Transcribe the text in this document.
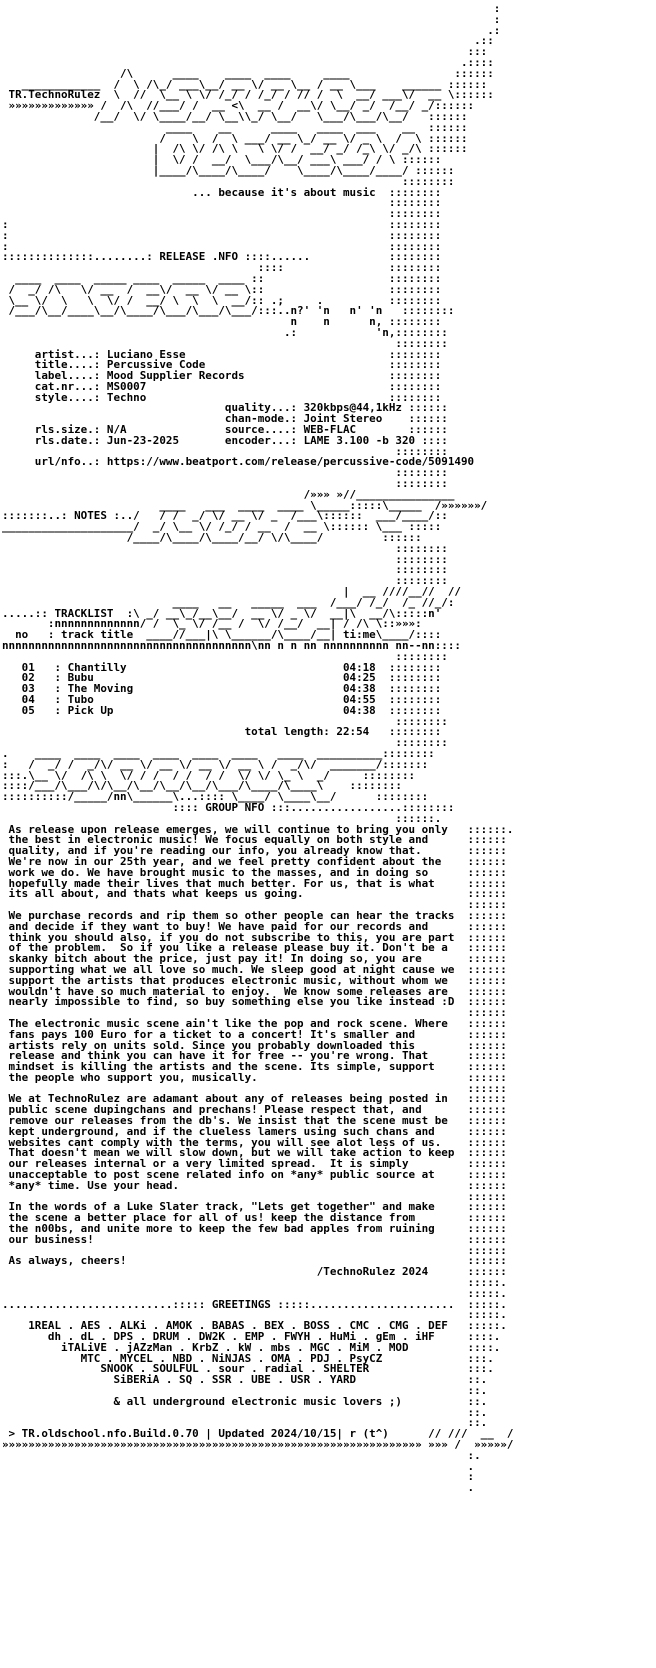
:
:
.:
.::
:::
.::::
/\      ____    ____  ____     ____                ::::::
____________  /  \ /\_/ ___\__/ __ \/ __ \__ / __ \___    ______ ::::::
TR.TechnoRulez  \  //  \__ \ \/ /_/ / /_/ / // /  \  __/ ___\/  __ \::::::
»»»»»»»»»»»»» /  /\  //___/ /  __ <\  __ /  __\/ \__/ _/  /__/ _/::::::
/__/  \/ \____/__/ \__\\_/ \__/   \___/\___/\__/   ::::::
____    __      ____   ____  ___    __  ::::::
/    \  /  \ ___/ __ \_/ __ \/ _ \  /  \ ::::::
|  /\ \/ /\ \   \ \/ /  __/ _/ /_\ \/ _/\ ::::::
|  \/ /  __/  \___/\__/ ___\ ___/ / \ ::::::
|____/\____/\____/    \____/\____/____/ ::::::
::::::::
... because it's about music  ::::::::
::::::::
::::::::
:                                                          ::::::::
:                                                          ::::::::
:                                                          ::::::::
::::::::::::::........: RELEASE .NFO ::::......            ::::::::
::::                ::::::::
____  ____  _____ ____  _____  ____ ::                   ::::::::
/  _/ /\   \/ __  /  __\/  __ \/ __ \::                   ::::::::
\__ \/  \   \  \/ /  __/ \  \  \  __/:: .;     .          ::::::::
/___/\__/____\__/\____/\___/\___/\___/:::..n?' 'n   n' 'n   ::::::::
n    n      n, ::::::::
.:            'n,::::::::
::::::::
artist...: Luciano Esse                               ::::::::
title....: Percussive Code                            ::::::::
label....: Mood Supplier Records                      ::::::::
cat.nr...: MS0007                                     ::::::::
style....: Techno                                     ::::::::
quality...: 320kbps@44,1kHz ::::::
chan-mode.: Joint Stereo    ::::::
rls.size.: N/A               source....: WEB-FLAC        ::::::
rls.date.: Jun-23-2025       encoder...: LAME 3.100 -b 320 ::::
::::::::
url/nfo..: https://www.beatport.com/release/percussive-code/5091490
::::::::
::::::::
/»»» »//_______________
____   ___  ____  ____ \_____:::::\_____  /»»»»»»/
:::::::..: NOTES :../   / /  _/ \/ __ \/ _  /___\::::::  ___/____/::
____________________/  _/ \__ \/ /_/ / __  /  __ \:::::: \___ :::::
/____/\____/\____/__/ \/\____/         ::::::
::::::::
::::::::
::::::::
::::::::
|  __ ////__//  //
____   __   _____  ___  /___/ /_/  /_ //_/:
.....:: TRACKLIST  :\ _/ __\_/__\__/  __ \/ _ \/  __|\  __/\:::::n'
:nnnnnnnnnnnnn/ /  \_ \/ /__ /  \/ /__/  __| / /\ \::»»»:
no   : track title  ____//___|\ \______/\____/__| ti:me\____/::::
nnnnnnnnnnnnnnnnnnnnnnnnnnnnnnnnnnnnnn\nn n n nn nnnnnnnnnn nn--nn::::
::::::::
01   : Chantilly                                 04:18  ::::::::
02   : Bubu                                      04:25  ::::::::
03   : The Moving                                04:38  ::::::::
04   : Tubo                                      04:55  ::::::::
05   : Pick Up                                   04:38  ::::::::
::::::::
total length: 22:54   ::::::::
::::::::
.    ____  ____  ____  ____  ____  ____   ____  __________::::::::
:   /  _/ /  _/\/ __ \/ __ \/ __ \/ __ \ /  _/\/  _______/:::::::
:::.\__ \/  /\ \  \/ / /  / /  / /  \/ \/ \_ \  _/     ::::::::
::::/___/\___/\/\__/\__/\__/\__/\___/\____/\____\    ::::::::
::::::::::/_____/nn\______\...:::: \____/ \____\__/      ::::::::
:::: GROUP NFO :::.................::::::::
::::::.
As release upon release emerges, we will continue to bring you only   ::::::.
the best in electronic music! We focus equally on both style and      ::::::
quality, and if you're reading our info, you already know that.       ::::::
We're now in our 25th year, and we feel pretty confident about the    ::::::
work we do. We have brought music to the masses, and in doing so      ::::::
hopefully made their lives that much better. For us, that is what     ::::::
its all about, and thats what keeps us going.                         ::::::
::::::
We purchase records and rip them so other people can hear the tracks  ::::::
and decide if they want to buy! We have paid for our records and      ::::::
think you should also, if you do not subscribe to this, you are part  ::::::
of the problem.  So if you like a release please buy it. Don't be a   ::::::
skanky bitch about the price, just pay it! In doing so, you are       ::::::
supporting what we all love so much. We sleep good at night cause we  ::::::
support the artists that produces electronic music, without whom we   ::::::
wouldn't have so much material to enjoy.  We know some releases are   ::::::
nearly impossible to find, so buy something else you like instead :D  ::::::
::::::
The electronic music scene ain't like the pop and rock scene. Where   ::::::
fans pays 100 Euro for a ticket to a concert! It's smaller and        ::::::
artists rely on units sold. Since you probably downloaded this        ::::::
release and think you can have it for free -- you're wrong. That      ::::::
mindset is killing the artists and the scene. Its simple, support     ::::::
the people who support you, musically.                                ::::::
::::::
We at TechnoRulez are adamant about any of releases being posted in   ::::::
public scene dupingchans and prechans! Please respect that, and       ::::::
remove our releases from the db's. We insist that the scene must be   ::::::
kept underground, and if the clueless lamers using such chans and     ::::::
websites cant comply with the terms, you will see alot less of us.    ::::::
That doesn't mean we will slow down, but we will take action to keep  ::::::
our releases internal or a very limited spread.  It is simply         ::::::
unacceptable to post scene related info on *any* public source at     ::::::
*any* time. Use your head.                                            ::::::
::::::
In the words of a Luke Slater track, "Lets get together" and make     ::::::
the scene a better place for all of us! keep the distance from        ::::::
the n00bs, and unite more to keep the few bad apples from ruining     ::::::
our business!                                                         ::::::
::::::
As always, cheers!                                                    ::::::
/TechnoRulez 2024      ::::::
:::::.
:::::.
..........................::::: GREETINGS :::::......................  :::::.
:::::.
1REAL . AES . ALKi . AMOK . BABAS . BEX . BOSS . CMC . CMG . DEF   :::::.
dh . dL . DPS . DRUM . DW2K . EMP . FWYH . HuMi . gEm . iHF     ::::.
iTALiVE . jAZzMan . KrbZ . kW . mbs . MGC . MiM . MOD         ::::.
MTC . MYCEL . NBD . NiNJAS . OMA . PDJ . PsyCZ             :::.
SNOOK . SOULFUL . sour . radial . SHELTER               :::.
SiBERiA . SQ . SSR . UBE . USR . YARD                 ::.
::.
& all underground electronic music lovers ;)          ::.
::.
::.
> TR.oldschool.nfo.Build.0.70 | Updated 2024/10/15| r (t^)      // ///  __  /
»»»»»»»»»»»»»»»»»»»»»»»»»»»»»»»»»»»»»»»»»»»»»»»»»»»»»»»»»»»»»»»» »»» /  »»»»»/
:.
.
:
.
